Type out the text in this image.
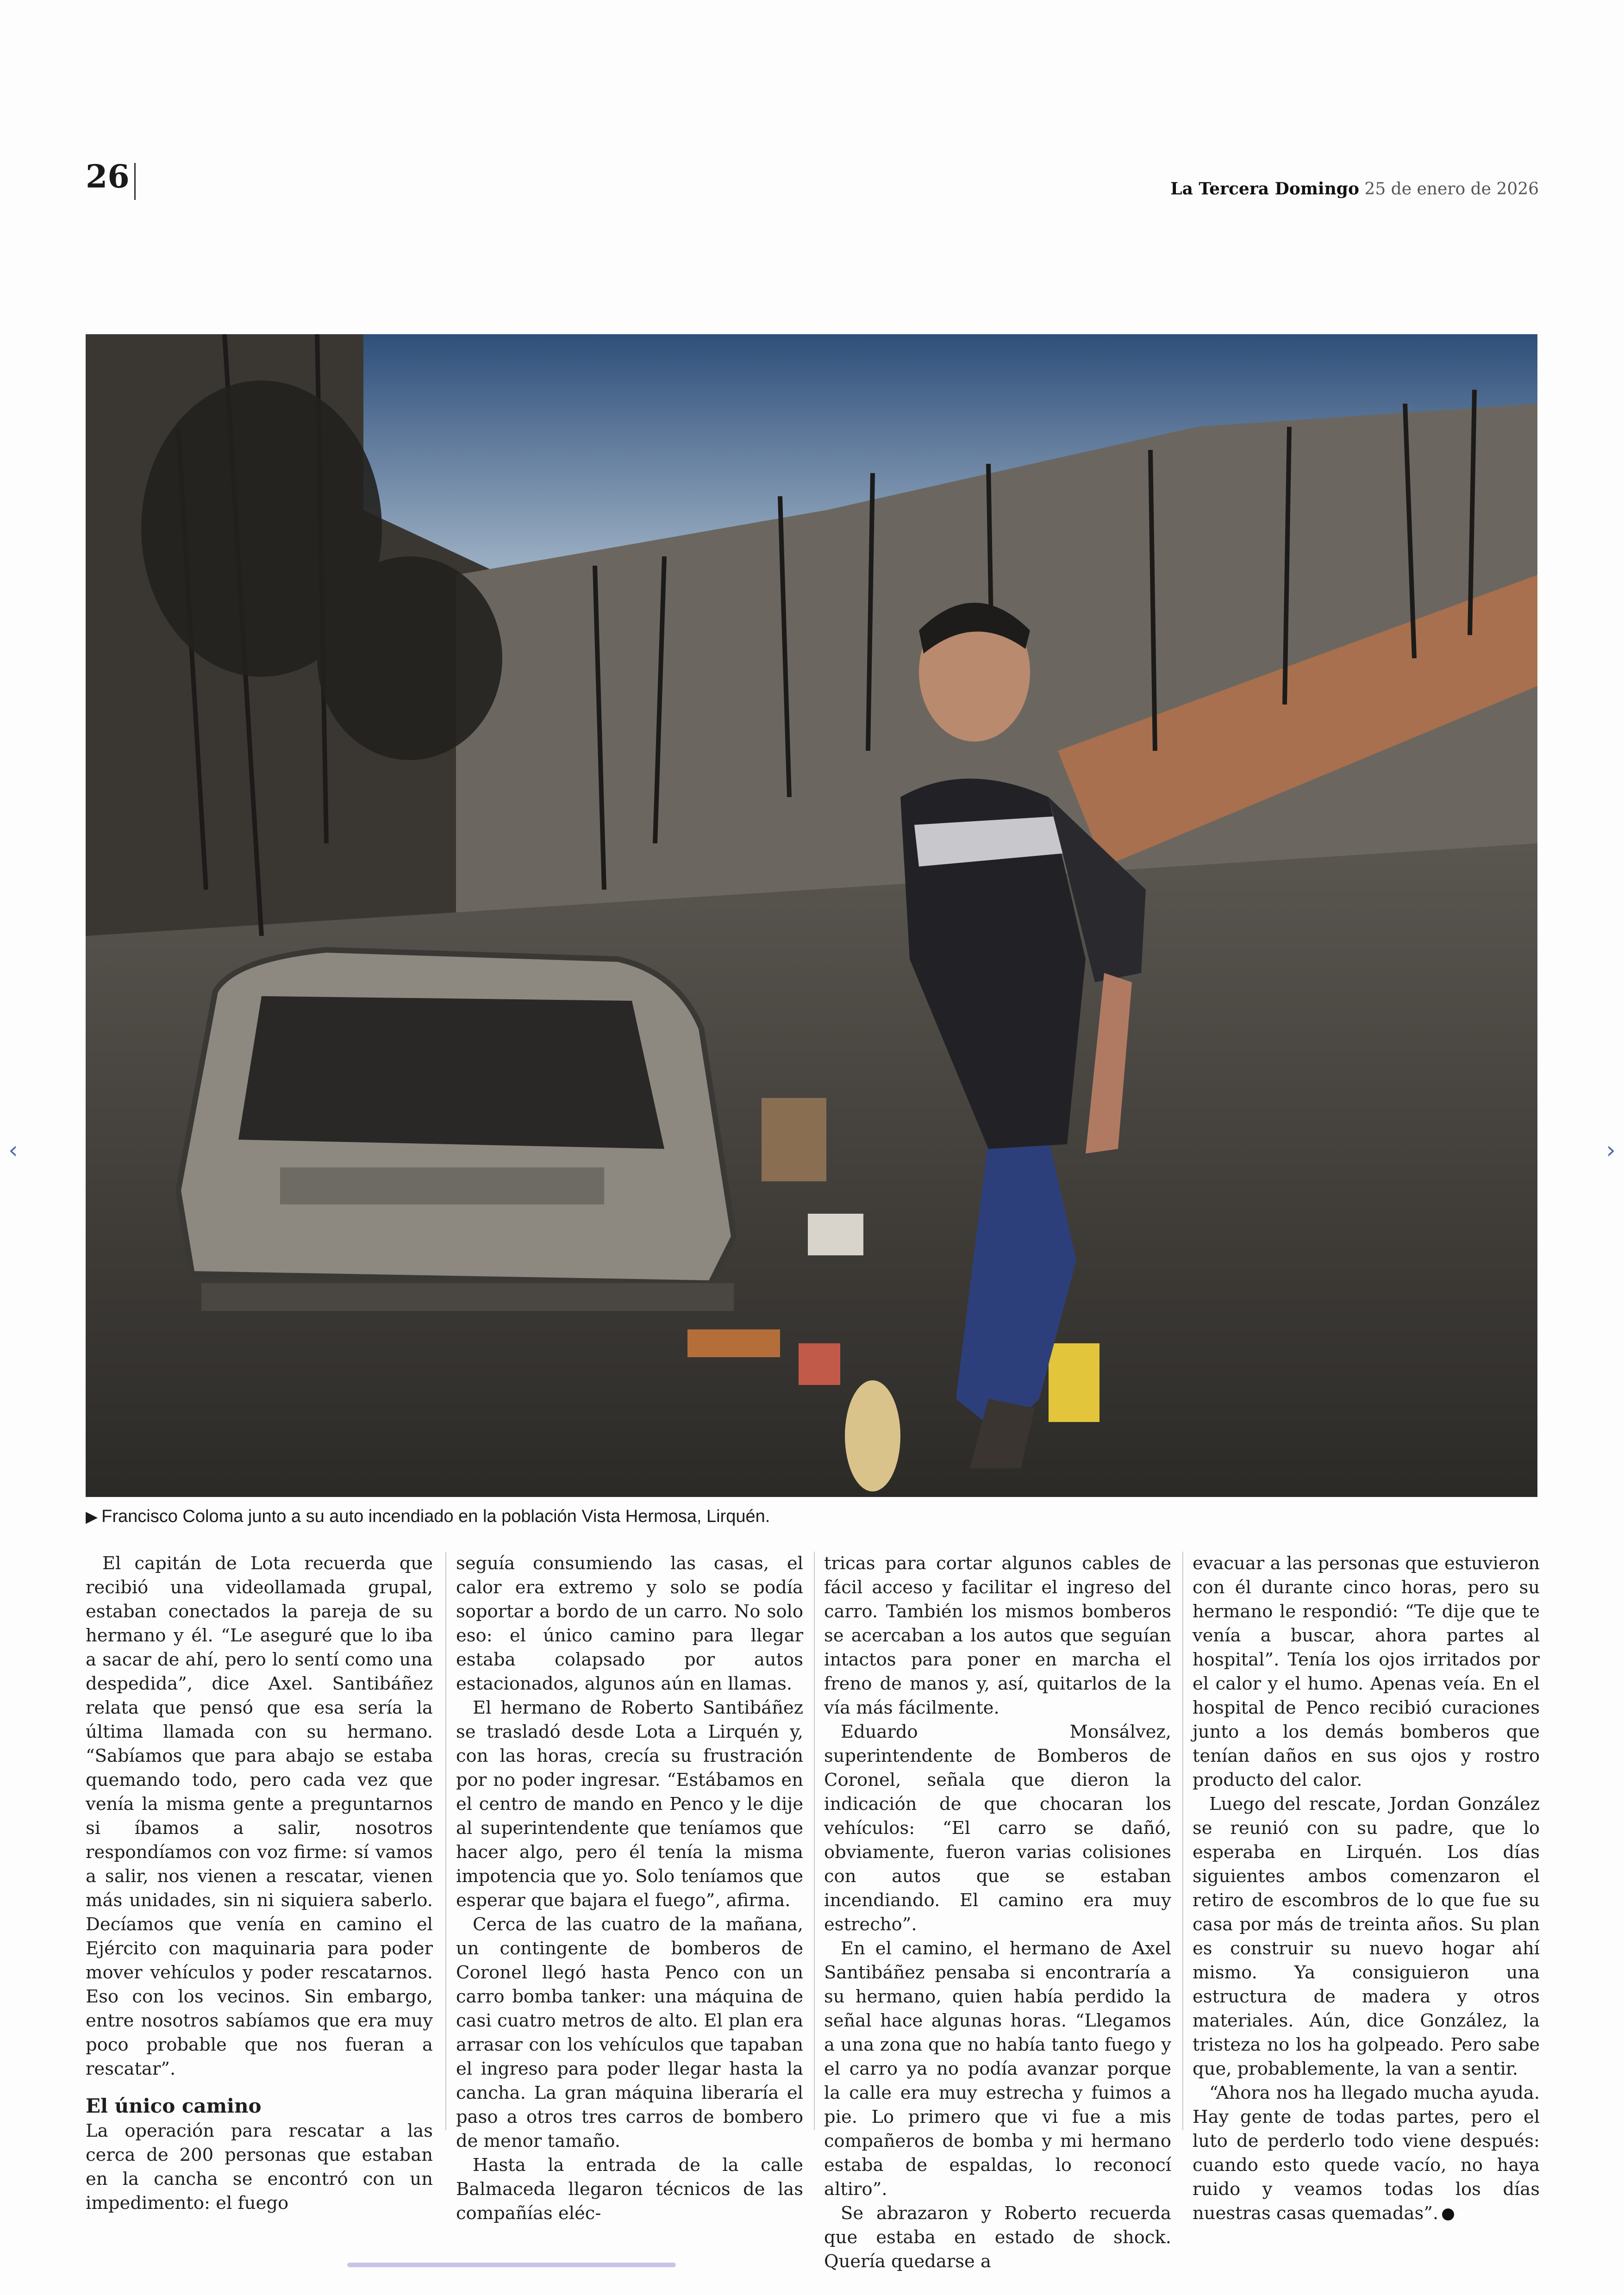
26	La Tercera Domingo 25 de enero de 2026
▶ Francisco Coloma junto a su auto incendiado en la población Vista Hermosa, Lirquén.

El capitán de Lota recuerda que recibió una videollamada grupal, estaban conectados la pareja de su hermano y él. “Le aseguré que lo iba a sacar de ahí, pero lo sentí como una despedida”, dice Axel. Santibáñez relata que pensó que esa sería la última llamada con su hermano. “Sabíamos que para abajo se estaba quemando todo, pero cada vez que venía la misma gente a preguntarnos si íbamos a salir, nosotros respondíamos con voz firme: sí vamos a salir, nos vienen a rescatar, vienen más unidades, sin ni siquiera saberlo. Decíamos que venía en camino el Ejército con maquinaria para poder mover vehículos y poder rescatarnos. Eso con los vecinos. Sin embargo, entre nosotros sabíamos que era muy poco probable que nos fueran a rescatar”.

El único camino

La operación para rescatar a las cerca de 200 personas que estaban en la cancha se encontró con un impedimento: el fuego

seguía consumiendo las casas, el calor era extremo y solo se podía soportar a bordo de un carro. No solo eso: el único camino para llegar estaba colapsado por autos estacionados, algunos aún en llamas.

El hermano de Roberto Santibáñez se trasladó desde Lota a Lirquén y, con las horas, crecía su frustración por no poder ingresar. “Estábamos en el centro de mando en Penco y le dije al superintendente que teníamos que hacer algo, pero él tenía la misma impotencia que yo. Solo teníamos que esperar que bajara el fuego”, afirma.

Cerca de las cuatro de la mañana, un contingente de bomberos de Coronel llegó hasta Penco con un carro bomba tanker: una máquina de casi cuatro metros de alto. El plan era arrasar con los vehículos que tapaban el ingreso para poder llegar hasta la cancha. La gran máquina liberaría el paso a otros tres carros de bombero de menor tamaño.

Hasta la entrada de la calle Balmaceda llegaron técnicos de las compañías eléc-

tricas para cortar algunos cables de fácil acceso y facilitar el ingreso del carro. También los mismos bomberos se acercaban a los autos que seguían intactos para poner en marcha el freno de manos y, así, quitarlos de la vía más fácilmente.

Eduardo Monsálvez, superintendente de Bomberos de Coronel, señala que dieron la indicación de que chocaran los vehículos: “El carro se dañó, obviamente, fueron varias colisiones con autos que se estaban incendiando. El camino era muy estrecho”.

En el camino, el hermano de Axel Santibáñez pensaba si encontraría a su hermano, quien había perdido la señal hace algunas horas. “Llegamos a una zona que no había tanto fuego y el carro ya no podía avanzar porque la calle era muy estrecha y fuimos a pie. Lo primero que vi fue a mis compañeros de bomba y mi hermano estaba de espaldas, lo reconocí altiro”.

Se abrazaron y Roberto recuerda que estaba en estado de shock. Quería quedarse a

evacuar a las personas que estuvieron con él durante cinco horas, pero su hermano le respondió: “Te dije que te venía a buscar, ahora partes al hospital”. Tenía los ojos irritados por el calor y el humo. Apenas veía. En el hospital de Penco recibió curaciones junto a los demás bomberos que tenían daños en sus ojos y rostro producto del calor.

Luego del rescate, Jordan González se reunió con su padre, que lo esperaba en Lirquén. Los días siguientes ambos comenzaron el retiro de escombros de lo que fue su casa por más de treinta años. Su plan es construir su nuevo hogar ahí mismo. Ya consiguieron una estructura de madera y otros materiales. Aún, dice González, la tristeza no los ha golpeado. Pero sabe que, probablemente, la van a sentir.

“Ahora nos ha llegado mucha ayuda. Hay gente de todas partes, pero el luto de perderlo todo viene después: cuando esto quede vacío, no haya ruido y veamos todas los días nuestras casas quemadas”. ●

‹	›
